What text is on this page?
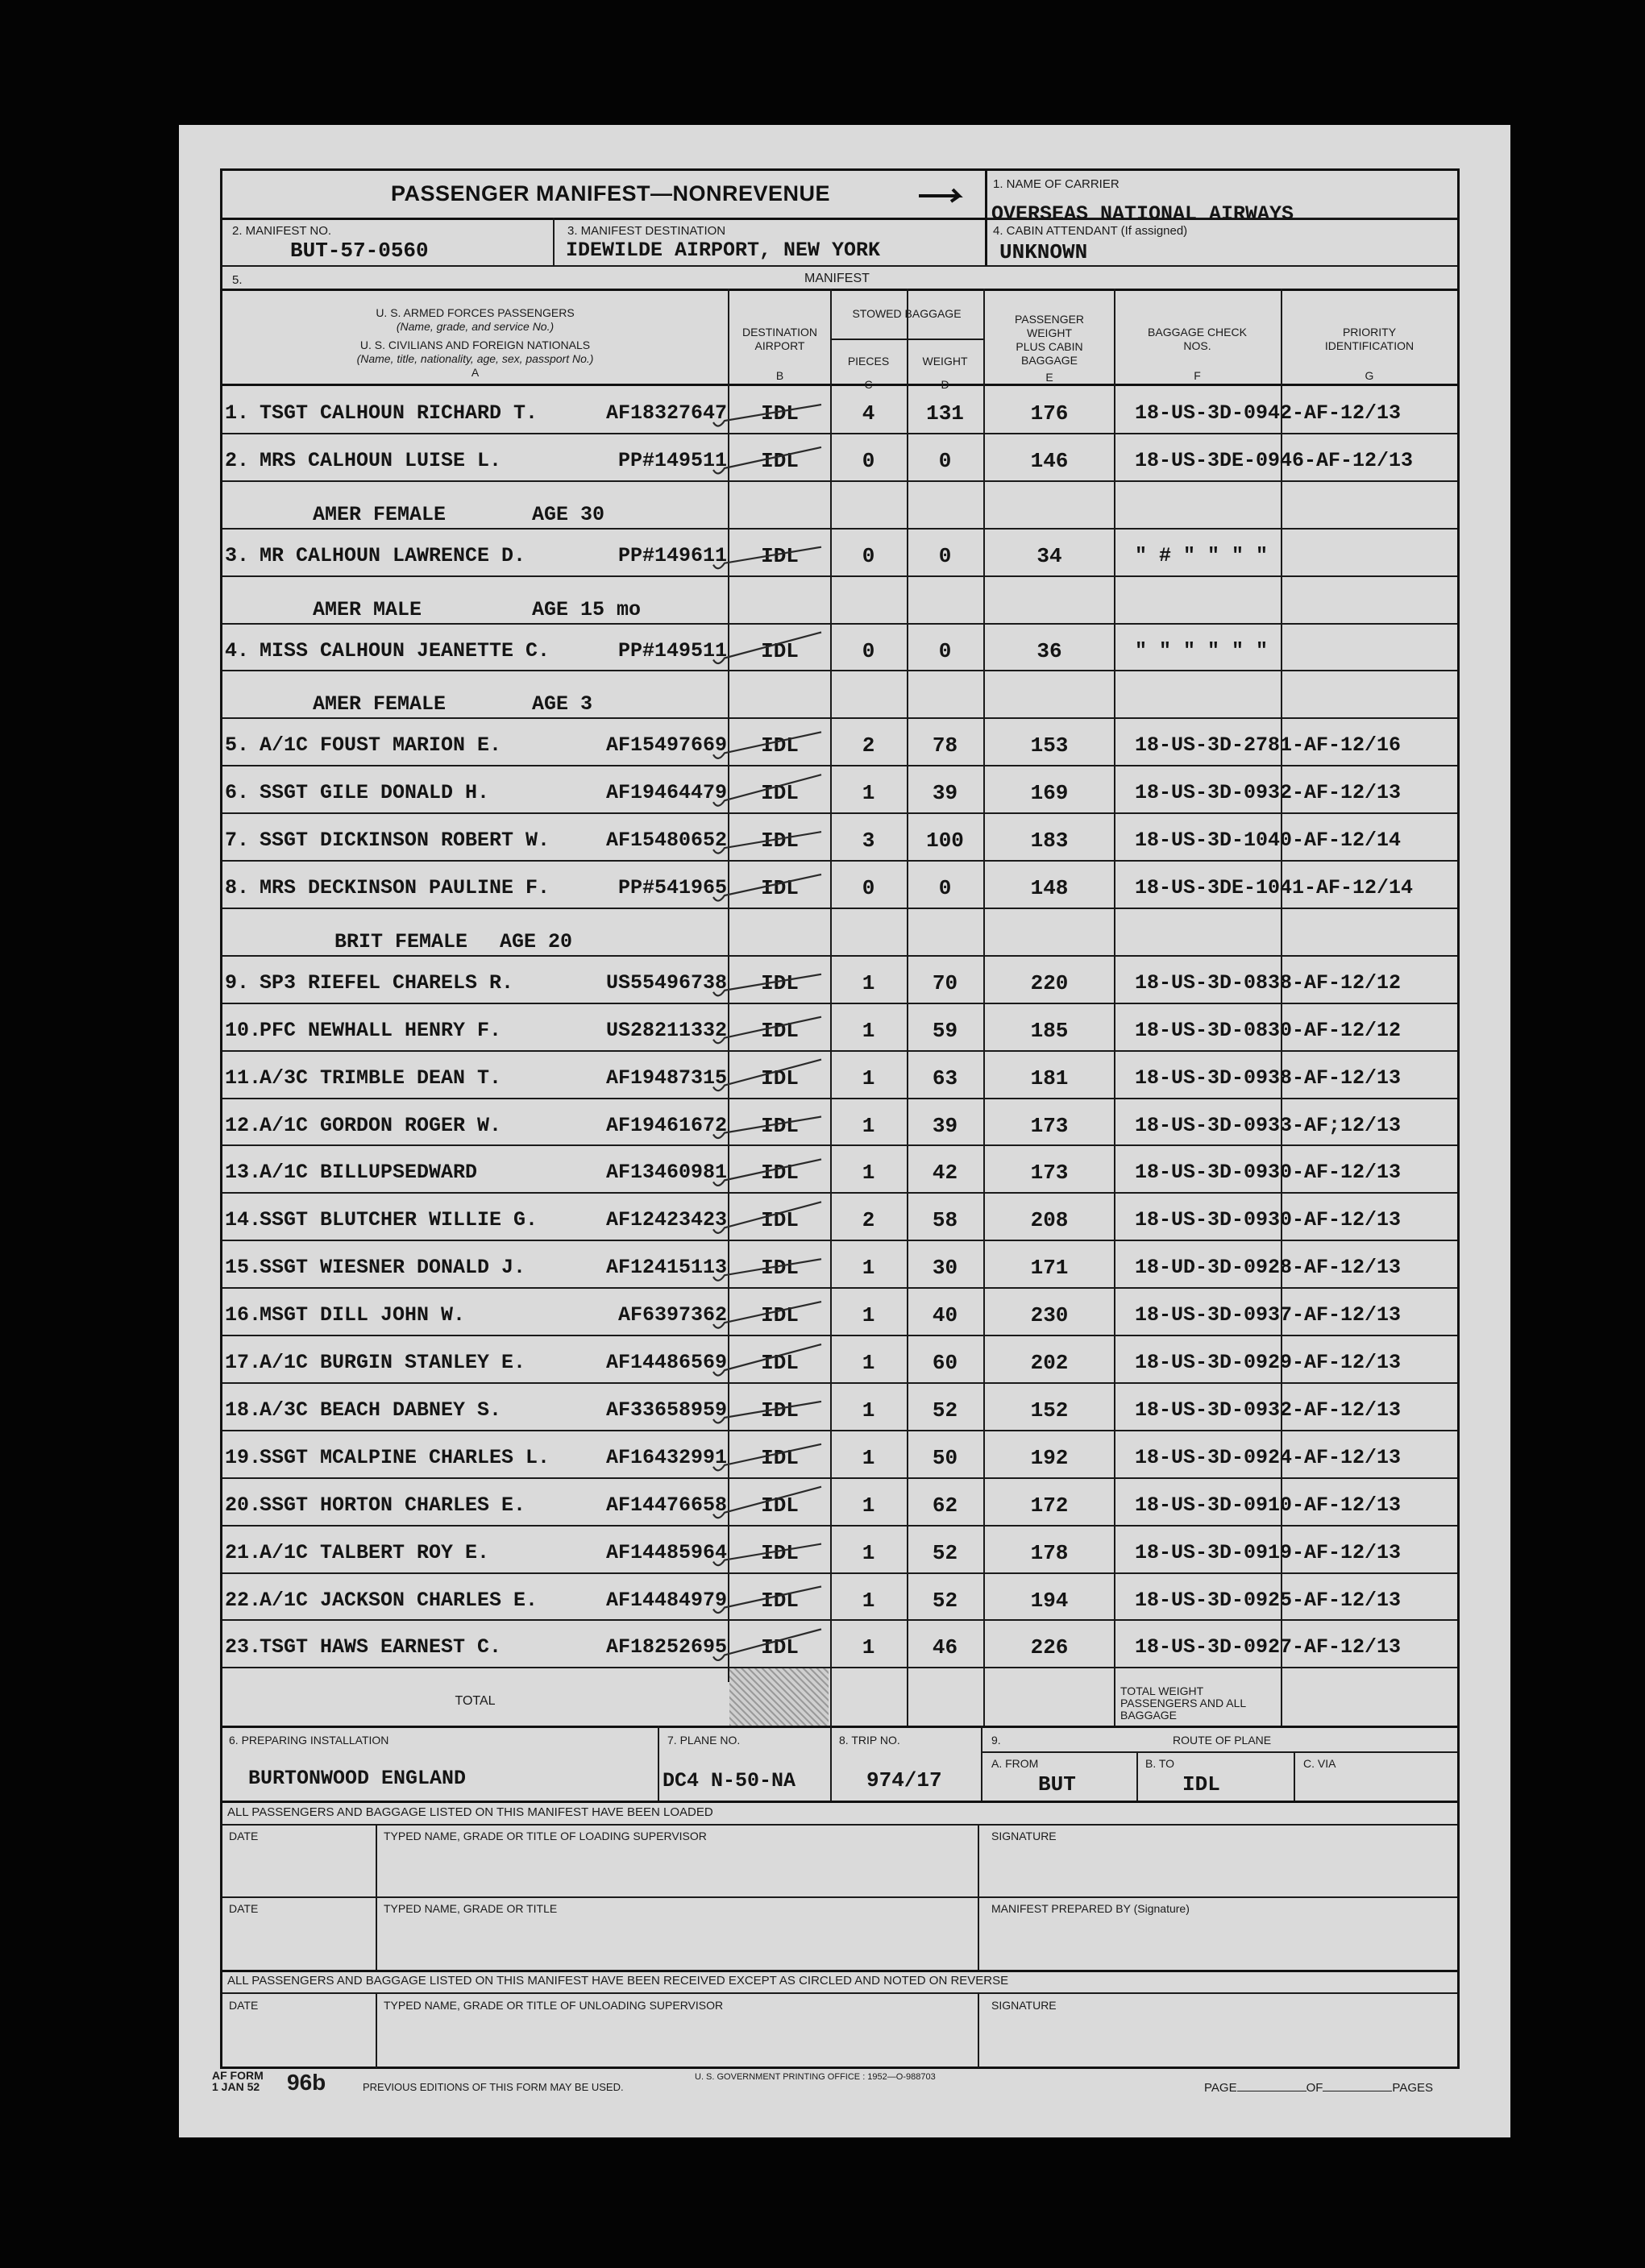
PASSENGER MANIFEST—NONREVENUE	1. NAME OF CARRIER
OVERSEAS NATIONAL AIRWAYS
2. MANIFEST NO.
BUT-57-0560
3. MANIFEST DESTINATION
IDEWILDE AIRPORT, NEW YORK
4. CABIN ATTENDANT (If assigned)
UNKNOWN
5.	MANIFEST
U. S. ARMED FORCES PASSENGERS
(Name, grade, and service No.)
U. S. CIVILIANS AND FOREIGN NATIONALS
(Name, title, nationality, age, sex, passport No.)
A
DESTINATION AIRPORT
B
STOWED BAGGAGE
PIECES
C
WEIGHT
D
PASSENGER WEIGHT PLUS CABIN BAGGAGE
E
BAGGAGE CHECK NOS.
F
PRIORITY IDENTIFICATION
G
1. TSGT CALHOUN RICHARD T.	AF18327647	IDL	4	131	176	18-US-3D-0942-AF-12/13
2. MRS CALHOUN LUISE L.	PP#149511	IDL	0	0	146	18-US-3DE-0946-AF-12/13
AMER FEMALE	AGE 30
3. MR CALHOUN LAWRENCE D.	PP#149611	IDL	0	0	34	" # " " " "
AMER MALE	AGE 15 mo
4. MISS CALHOUN JEANETTE C.	PP#149511	IDL	0	0	36	" " " " " "
AMER FEMALE	AGE 3
5. A/1C FOUST MARION E.	AF15497669	IDL	2	78	153	18-US-3D-2781-AF-12/16
6. SSGT GILE DONALD H.	AF19464479	IDL	1	39	169	18-US-3D-0932-AF-12/13
7. SSGT DICKINSON ROBERT W.	AF15480652	IDL	3	100	183	18-US-3D-1040-AF-12/14
8. MRS DECKINSON PAULINE F.	PP#541965	IDL	0	0	148	18-US-3DE-1041-AF-12/14
BRIT FEMALE AGE 20
9. SP3 RIEFEL CHARELS R.	US55496738	IDL	1	70	220	18-US-3D-0838-AF-12/12
10.
PFC NEWHALL HENRY F.	US28211332	IDL	1	59	185	18-US-3D-0830-AF-12/12
11.
A/3C TRIMBLE DEAN T.	AF19487315	IDL	1	63	181	18-US-3D-0938-AF-12/13
12.
A/1C GORDON ROGER W.	AF19461672	IDL	1	39	173	18-US-3D-0933-AF;12/13
13.
A/1C BILLUPSEDWARD	AF13460981	IDL	1	42	173	18-US-3D-0930-AF-12/13
14.
SSGT BLUTCHER WILLIE G.	AF12423423	IDL	2	58	208	18-US-3D-0930-AF-12/13
15.
SSGT WIESNER DONALD J.	AF12415113	IDL	1	30	171	18-UD-3D-0928-AF-12/13
16.
MSGT DILL JOHN W.	AF6397362	IDL	1	40	230	18-US-3D-0937-AF-12/13
17.
A/1C BURGIN STANLEY E.	AF14486569	IDL	1	60	202	18-US-3D-0929-AF-12/13
18.
A/3C BEACH DABNEY S.	AF33658959	IDL	1	52	152	18-US-3D-0932-AF-12/13
19.
SSGT MCALPINE CHARLES L.	AF16432991	IDL	1	50	192	18-US-3D-0924-AF-12/13
20.
SSGT HORTON CHARLES E.	AF14476658	IDL	1	62	172	18-US-3D-0910-AF-12/13
21.
A/1C TALBERT ROY E.	AF14485964	IDL	1	52	178	18-US-3D-0919-AF-12/13
22.
A/1C JACKSON CHARLES E.	AF14484979	IDL	1	52	194	18-US-3D-0925-AF-12/13
23.
TSGT HAWS EARNEST C.	AF18252695	IDL	1	46	226	18-US-3D-0927-AF-12/13
TOTAL
TOTAL WEIGHT PASSENGERS AND ALL BAGGAGE
6. PREPARING INSTALLATION
BURTONWOOD ENGLAND
7. PLANE NO.
DC4 N-50-NA
8. TRIP NO.
974/17
9.	ROUTE OF PLANE
A. FROM
BUT
B. TO
IDL
C. VIA
ALL PASSENGERS AND BAGGAGE LISTED ON THIS MANIFEST HAVE BEEN LOADED
DATE	TYPED NAME, GRADE OR TITLE OF LOADING SUPERVISOR	SIGNATURE
DATE	TYPED NAME, GRADE OR TITLE	MANIFEST PREPARED BY (Signature)
ALL PASSENGERS AND BAGGAGE LISTED ON THIS MANIFEST HAVE BEEN RECEIVED EXCEPT AS CIRCLED AND NOTED ON REVERSE
DATE	TYPED NAME, GRADE OR TITLE OF UNLOADING SUPERVISOR	SIGNATURE
AF FORM
1 JAN 52 96b	PREVIOUS EDITIONS OF THIS FORM MAY BE USED.
U. S. GOVERNMENT PRINTING OFFICE : 1952—O-988703
PAGE	OF	PAGES
